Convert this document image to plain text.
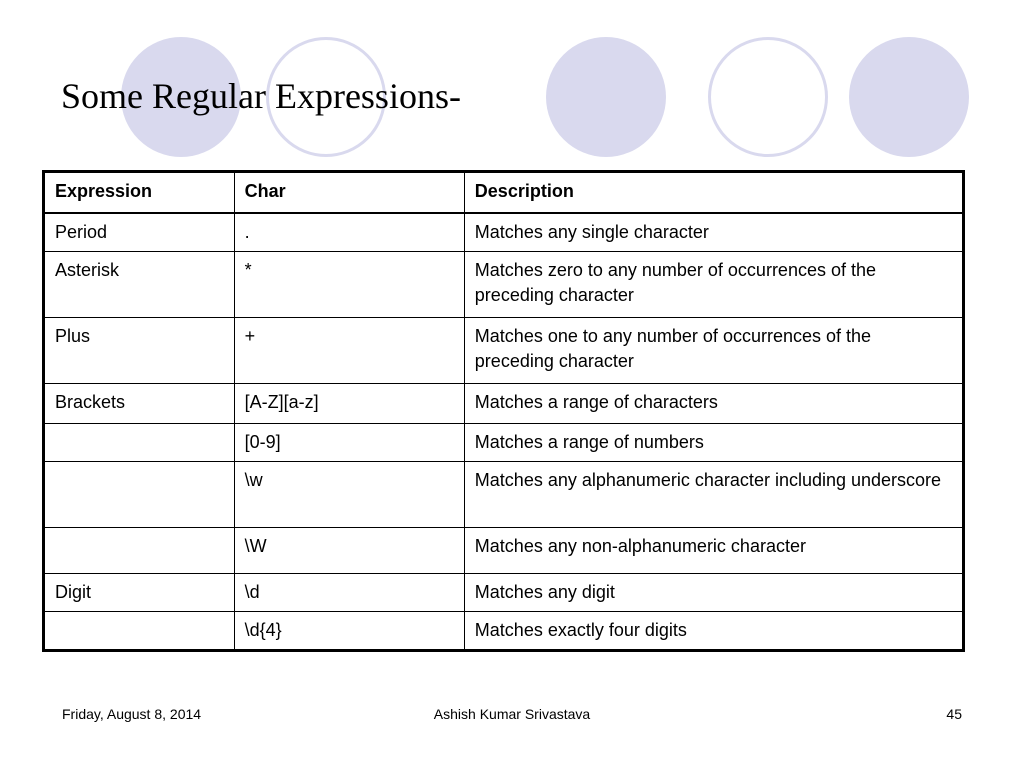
Some Regular Expressions-
Expression	Char	Description
Period	.	Matches any single character
Asterisk	*	Matches zero to any number of occurrences of the preceding character
Plus	+	Matches one to any number of occurrences of the preceding character
Brackets	[A-Z][a-z]	Matches a range of characters
	[0-9]	Matches a range of numbers
	\w	Matches any alphanumeric character including underscore
	\W	Matches any non-alphanumeric character
Digit	\d	Matches any digit
	\d{4}	Matches exactly four digits
Friday, August 8, 2014	Ashish Kumar Srivastava	45
